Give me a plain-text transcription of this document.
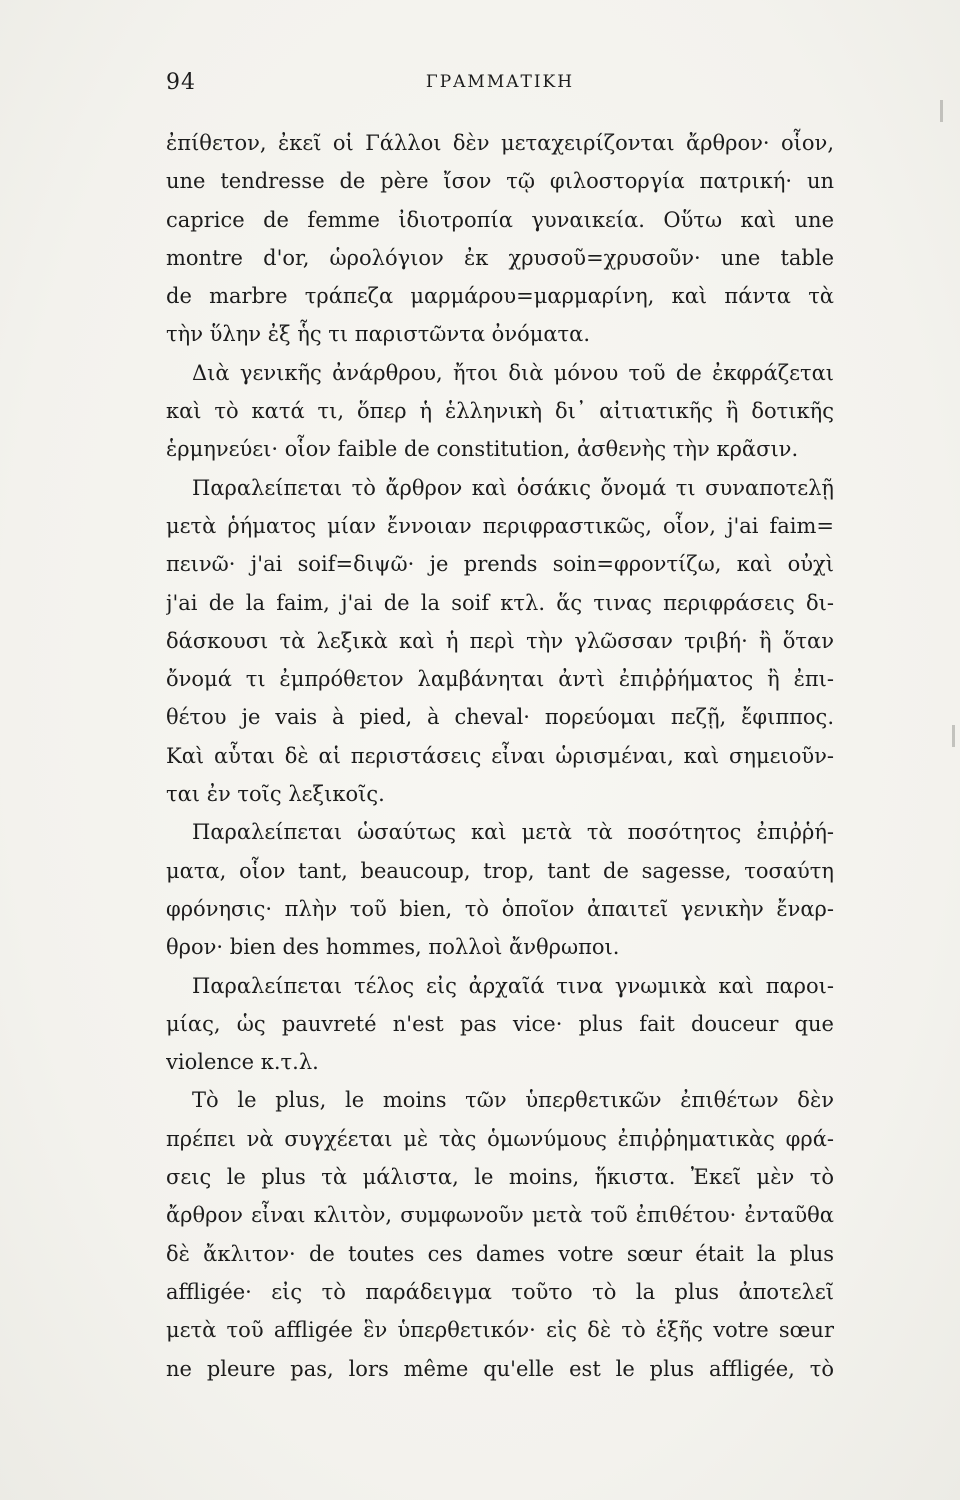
94	ΓΡΑΜΜΑΤΙΚΗ
ἐπίθετον, ἐκεῖ οἱ Γάλλοι δὲν μεταχειρίζονται ἄρθρον· οἷον,
une tendresse de père ἴσον τῷ φιλοστοργία πατρική· un
caprice de femme ἰδιοτροπία γυναικεία. Οὕτω καὶ une
montre d'or, ὡρολόγιον ἐκ χρυσοῦ=χρυσοῦν· une table
de marbre τράπεζα μαρμάρου=μαρμαρίνη, καὶ πάντα τὰ
τὴν ὕλην ἐξ ἧς τι παριστῶντα ὀνόματα.
Διὰ γενικῆς ἀνάρθρου, ἤτοι διὰ μόνου τοῦ de ἐκφράζεται
καὶ τὸ κατά τι, ὅπερ ἡ ἑλληνικὴ δι᾽ αἰτιατικῆς ἢ δοτικῆς
ἑρμηνεύει· οἷον faible de constitution, ἀσθενὴς τὴν κρᾶσιν.
Παραλείπεται τὸ ἄρθρον καὶ ὁσάκις ὄνομά τι συναποτελῇ
μετὰ ῥήματος μίαν ἔννοιαν περιφραστικῶς, οἷον, j'ai faim=
πεινῶ· j'ai soif=διψῶ· je prends soin=φροντίζω, καὶ οὐχὶ
j'ai de la faim, j'ai de la soif κτλ. ἅς τινας περιφράσεις δι-
δάσκουσι τὰ λεξικὰ καὶ ἡ περὶ τὴν γλῶσσαν τριβή· ἢ ὅταν
ὄνομά τι ἐμπρόθετον λαμβάνηται ἀντὶ ἐπιῤῥήματος ἢ ἐπι-
θέτου je vais à pied, à cheval· πορεύομαι πεζῇ, ἔφιππος.
Καὶ αὗται δὲ αἱ περιστάσεις εἶναι ὡρισμέναι, καὶ σημειοῦν-
ται ἐν τοῖς λεξικοῖς.
Παραλείπεται ὡσαύτως καὶ μετὰ τὰ ποσότητος ἐπιῤῥή-
ματα, οἷον tant, beaucoup, trop, tant de sagesse, τοσαύτη
φρόνησις· πλὴν τοῦ bien, τὸ ὁποῖον ἀπαιτεῖ γενικὴν ἔναρ-
θρον· bien des hommes, πολλοὶ ἄνθρωποι.
Παραλείπεται τέλος εἰς ἀρχαῖά τινα γνωμικὰ καὶ παροι-
μίας, ὡς pauvreté n'est pas vice· plus fait douceur que
violence κ.τ.λ.
Τὸ le plus, le moins τῶν ὑπερθετικῶν ἐπιθέτων δὲν
πρέπει νὰ συγχέεται μὲ τὰς ὁμωνύμους ἐπιῤῥηματικὰς φρά-
σεις le plus τὰ μάλιστα, le moins, ἥκιστα. Ἐκεῖ μὲν τὸ
ἄρθρον εἶναι κλιτὸν, συμφωνοῦν μετὰ τοῦ ἐπιθέτου· ἐνταῦθα
δὲ ἄκλιτον· de toutes ces dames votre sœur était la plus
affligée· εἰς τὸ παράδειγμα τοῦτο τὸ la plus ἀποτελεῖ
μετὰ τοῦ affligée ἓν ὑπερθετικόν· εἰς δὲ τὸ ἑξῆς votre sœur
ne pleure pas, lors même qu'elle est le plus affligée, τὸ
